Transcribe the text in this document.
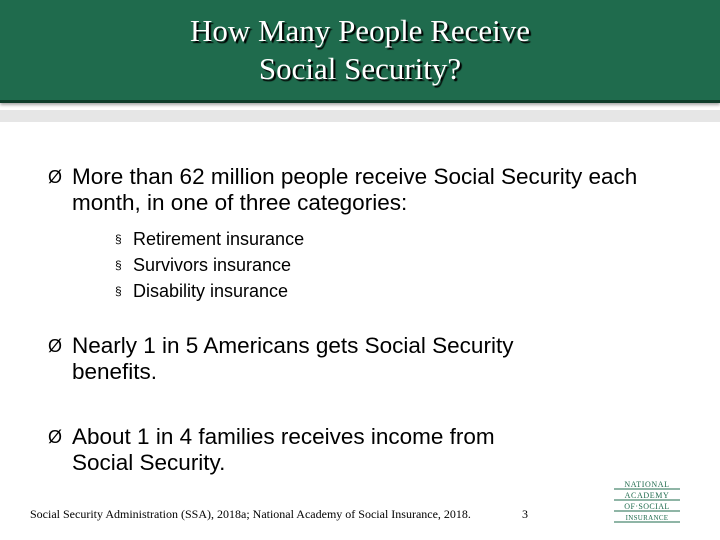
How Many People Receive
Social Security?
Ø More than 62 million people receive Social Security each month, in one of three categories:
§ Retirement insurance
§ Survivors insurance
§ Disability insurance
Ø Nearly 1 in 5 Americans gets Social Security benefits.
Ø About 1 in 4 families receives income from Social Security.
Social Security Administration (SSA), 2018a; National Academy of Social Insurance, 2018.	3
NATIONAL
ACADEMY
OF·SOCIAL
INSURANCE
